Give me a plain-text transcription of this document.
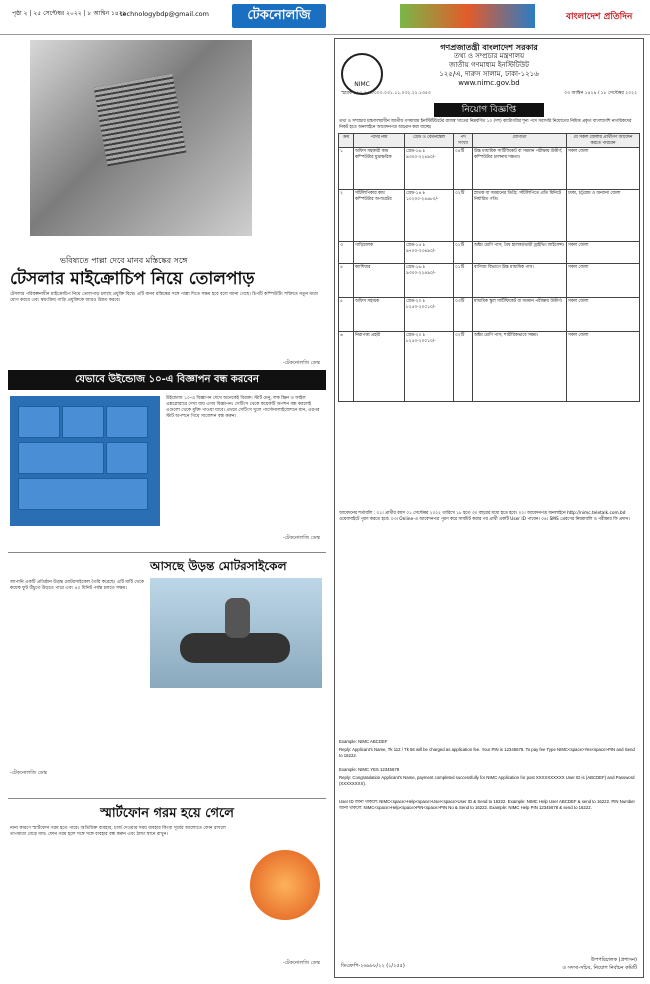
পৃষ্ঠা ২ | ২৫ সেপ্টেম্বর ২০২২ | ৮ আশ্বিন ১৪২৯
technologybdp@gmail.com	টেকনোলজি	বাংলাদেশ প্রতিদিন
ভবিষ্যতে পাল্লা দেবে মানব মস্তিষ্কের সঙ্গে
টেসলার মাইক্রোচিপ নিয়ে তোলপাড়
টেসলার পরিকল্পনাধীন মাইক্রোচিপ নিয়ে তোলপাড় চলছে প্রযুক্তি বিশ্বে। এটি মানব মস্তিষ্কের সঙ্গে পাল্লা দিতে সক্ষম হবে বলে জানা গেছে। চিপটি কম্পিউটিং শক্তিতে নতুন মাত্রা যোগ করবে এবং স্বয়ংক্রিয় গাড়ি প্রযুক্তিকে আরও উন্নত করবে।
-টেকনোলজি ডেস্ক
যেভাবে উইন্ডোজ ১০-এ বিজ্ঞাপন বন্ধ করবেন
উইন্ডোজ ১০-এ বিজ্ঞাপন দেখে অনেকেই বিরক্ত। স্টার্ট মেনু, লক স্ক্রিন ও ফাইল এক্সপ্লোরারে দেখা যায় এসব বিজ্ঞাপন। সেটিংস থেকে কয়েকটি অপশন বন্ধ করলেই এগুলো থেকে মুক্তি পাওয়া যাবে। প্রথমে সেটিংস খুলে পার্সোনালাইজেশনে যান, এরপর স্টার্ট অপশনে গিয়ে সাজেশন বন্ধ করুন।
-টেকনোলজি ডেস্ক
আসছে উড়ন্ত মোটরসাইকেল
জাপানি একটি প্রতিষ্ঠান উড়ন্ত মোটরসাইকেল তৈরি করেছে। এটি মাটি থেকে কয়েক ফুট উঁচুতে উড়তে পারে এবং ৪০ মিনিট পর্যন্ত চলতে সক্ষম।
-টেকনোলজি ডেস্ক
স্মার্টফোন গরম হয়ে গেলে
নানা কারণে স্মার্টফোন গরম হতে পারে। অতিরিক্ত ব্যবহার, চার্জ দেওয়ার সময় ব্যবহার কিংবা সূর্যের আলোতে ফোন রাখলে তাপমাত্রা বেড়ে যায়। ফোন গরম হলে সঙ্গে সঙ্গে ব্যবহার বন্ধ করুন এবং ঠান্ডা স্থানে রাখুন।
-টেকনোলজি ডেস্ক
NIMC
গণপ্রজাতন্ত্রী বাংলাদেশ সরকার
তথ্য ও সম্প্রচার মন্ত্রণালয়
জাতীয় গণমাধ্যম ইনস্টিটিউট
১২৫/এ, দারুস সালাম, ঢাকা-১২১৬
www.nimc.gov.bd
স্মারক : ১৫.৫৫.০০০০.০৩১.১১.০৩২.২২.১৩৫৩	০৩ আশ্বিন ১৪২৯ / ১৮ সেপ্টেম্বর ২০২২
নিয়োগ বিজ্ঞপ্তি
তথ্য ও সম্প্রচার মন্ত্রণালয়াধীন জাতীয় গণমাধ্যম ইনস্টিটিউটের রাজস্ব খাতের নিম্নবর্ণিত ১০ (দশ) ক্যাটাগরির শূন্য পদে সরাসরি নিয়োগের নিমিত্ত প্রকৃত বাংলাদেশি নাগরিকদের নিকট হতে অনলাইনে আবেদনপত্র আহ্বান করা যাচ্ছে।
ক্রম	পদের নাম	গ্রেড ও বেতনস্কেল	পদ সংখ্যা	যোগ্যতা	যে সকল জেলার প্রার্থীগণ আবেদন করতে পারবেন
১	অফিস সহকারী কাম কম্পিউটার মুদ্রাক্ষরিক	গ্রেড-১৬ ৳ ৯৩০০-২২৪৯০/-	০৪টি	উচ্চ মাধ্যমিক সার্টিফিকেট বা সমমান পরীক্ষায় উত্তীর্ণ; কম্পিউটার চালনায় দক্ষতা।	সকল জেলা
২	সাঁটলিপিকার কাম কম্পিউটার অপারেটর	গ্রেড-১৪ ৳ ১০২০০-২৪৬৮০/-	০২টি	স্নাতক বা সমমানের ডিগ্রি; সাঁটলিপিতে প্রতি মিনিটে নির্ধারিত গতি।	ঢাকা, চট্টগ্রাম ও অন্যান্য জেলা
৩	গাড়িচালক	গ্রেড-১৫ ৳ ৯৭০০-২৩৪৯০/-	০১টি	অষ্টম শ্রেণি পাস; বৈধ হালকা/ভারী ড্রাইভিং লাইসেন্স।	সকল জেলা
৪	ক্যাশিয়ার	গ্রেড-১৬ ৳ ৯৩০০-২২৪৯০/-	০১টি	বাণিজ্য বিভাগে উচ্চ মাধ্যমিক পাস।	সকল জেলা
৫	অফিস সহায়ক	গ্রেড-২০ ৳ ৮২৫০-২০০১০/-	০৩টি	মাধ্যমিক স্কুল সার্টিফিকেট বা সমমান পরীক্ষায় উত্তীর্ণ।	সকল জেলা
৬	নিরাপত্তা প্রহরী	গ্রেড-২০ ৳ ৮২৫০-২০০১০/-	০২টি	অষ্টম শ্রেণি পাস; শারীরিকভাবে সক্ষম।	সকল জেলা
আবেদনের শর্তাবলি : ০১। প্রার্থীর বয়স ০১ সেপ্টেম্বর ২০২২ তারিখে ১৮ হতে ৩০ বছরের মধ্যে হতে হবে। ০২। আবেদনপত্র অনলাইনে http://nimc.teletalk.com.bd ওয়েবসাইটে পূরণ করতে হবে। ০৩। Online-এ আবেদনপত্র পূরণ করে সাবমিট করার পর প্রার্থী একটি User ID পাবেন। ০৪। SMS প্রেরণের নিয়মাবলি ও পরীক্ষার ফি প্রদান।
Example: NIMC ABCDEF
Reply: Applicant's Name, Tk 112 / Tk 56 will be charged as application fee. Your PIN is 12345678. To pay fee Type NIMC<space>Yes<space>PIN and Send to 16222.
Example: NIMC YES 12345678
Reply: Congratulation Applicant's Name, payment completed successfully for NIMC Application for post XXXXXXXXXX User ID is (ABCDEF) and Password (XXXXXXXX).
User ID জানা থাকলে: NIMC<space>Help<space>User<space>User ID & Send to 16222. Example: NIMC Help User ABCDEF & send to 16222. PIN Number জানা থাকলে: NIMC<space>Help<space>PIN<space>PIN No & Send to 16222. Example: NIMC Help PIN 12345678 & send to 16222.
ডিএফপি-২৬৯৮৮/২২ (১/২৫৫)
উপপরিচালক (প্রশাসন)
ও সদস্য-সচিব, নিয়োগ নির্বাচন কমিটি
